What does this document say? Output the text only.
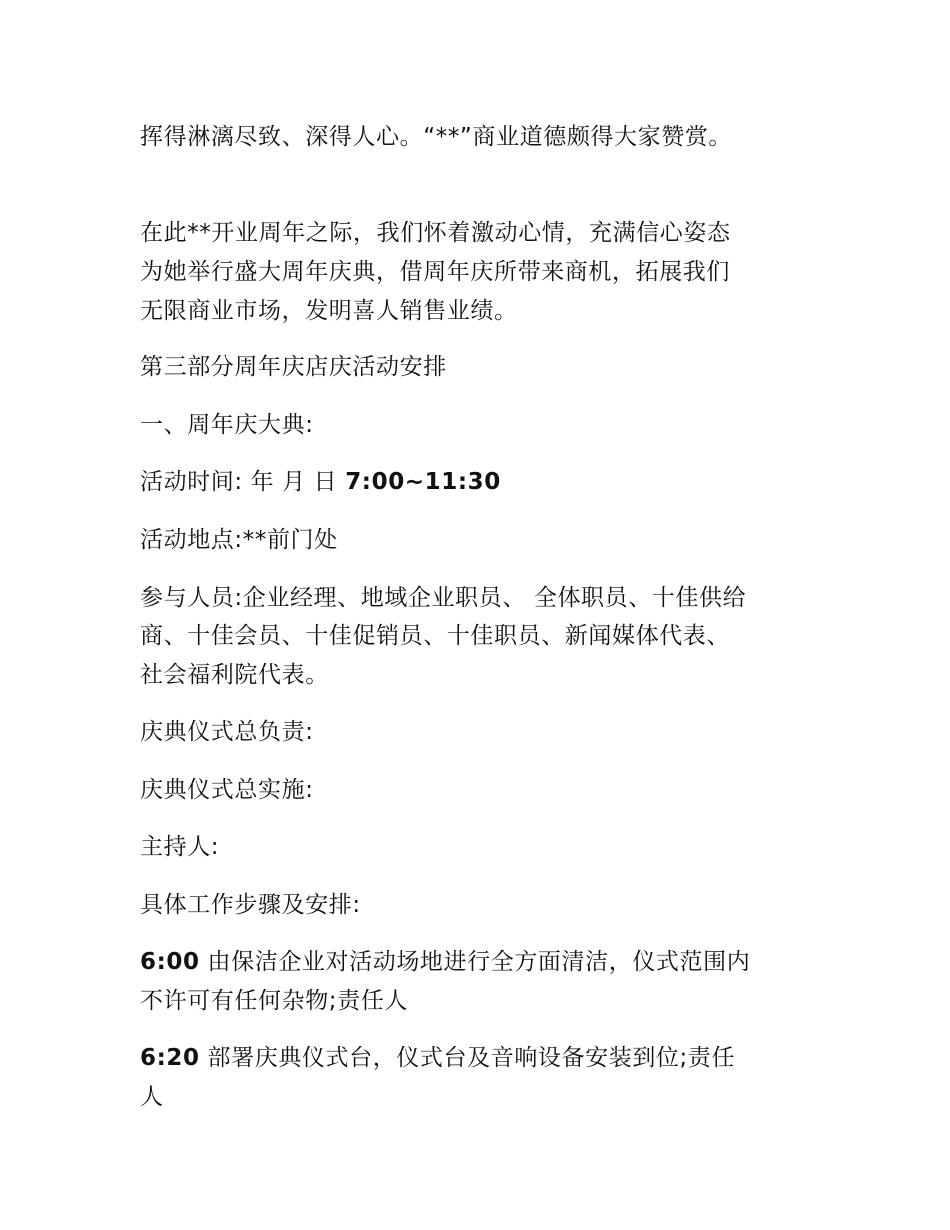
挥得淋漓尽致、深得人心。“**”商业道德颇得大家赞赏。
在此**开业周年之际，我们怀着激动心情，充满信心姿态
为她举行盛大周年庆典，借周年庆所带来商机，拓展我们
无限商业市场，发明喜人销售业绩。
第三部分周年庆店庆活动安排
一、周年庆大典:
活动时间: 年 月 日 7:00~11:30
活动地点:**前门处
参与人员:企业经理、地域企业职员、 全体职员、十佳供给
商、十佳会员、十佳促销员、十佳职员、新闻媒体代表、
社会福利院代表。
庆典仪式总负责:
庆典仪式总实施:
主持人:
具体工作步骤及安排:
6:00 由保洁企业对活动场地进行全方面清洁，仪式范围内
不许可有任何杂物;责任人
6:20 部署庆典仪式台，仪式台及音响设备安装到位;责任
人
